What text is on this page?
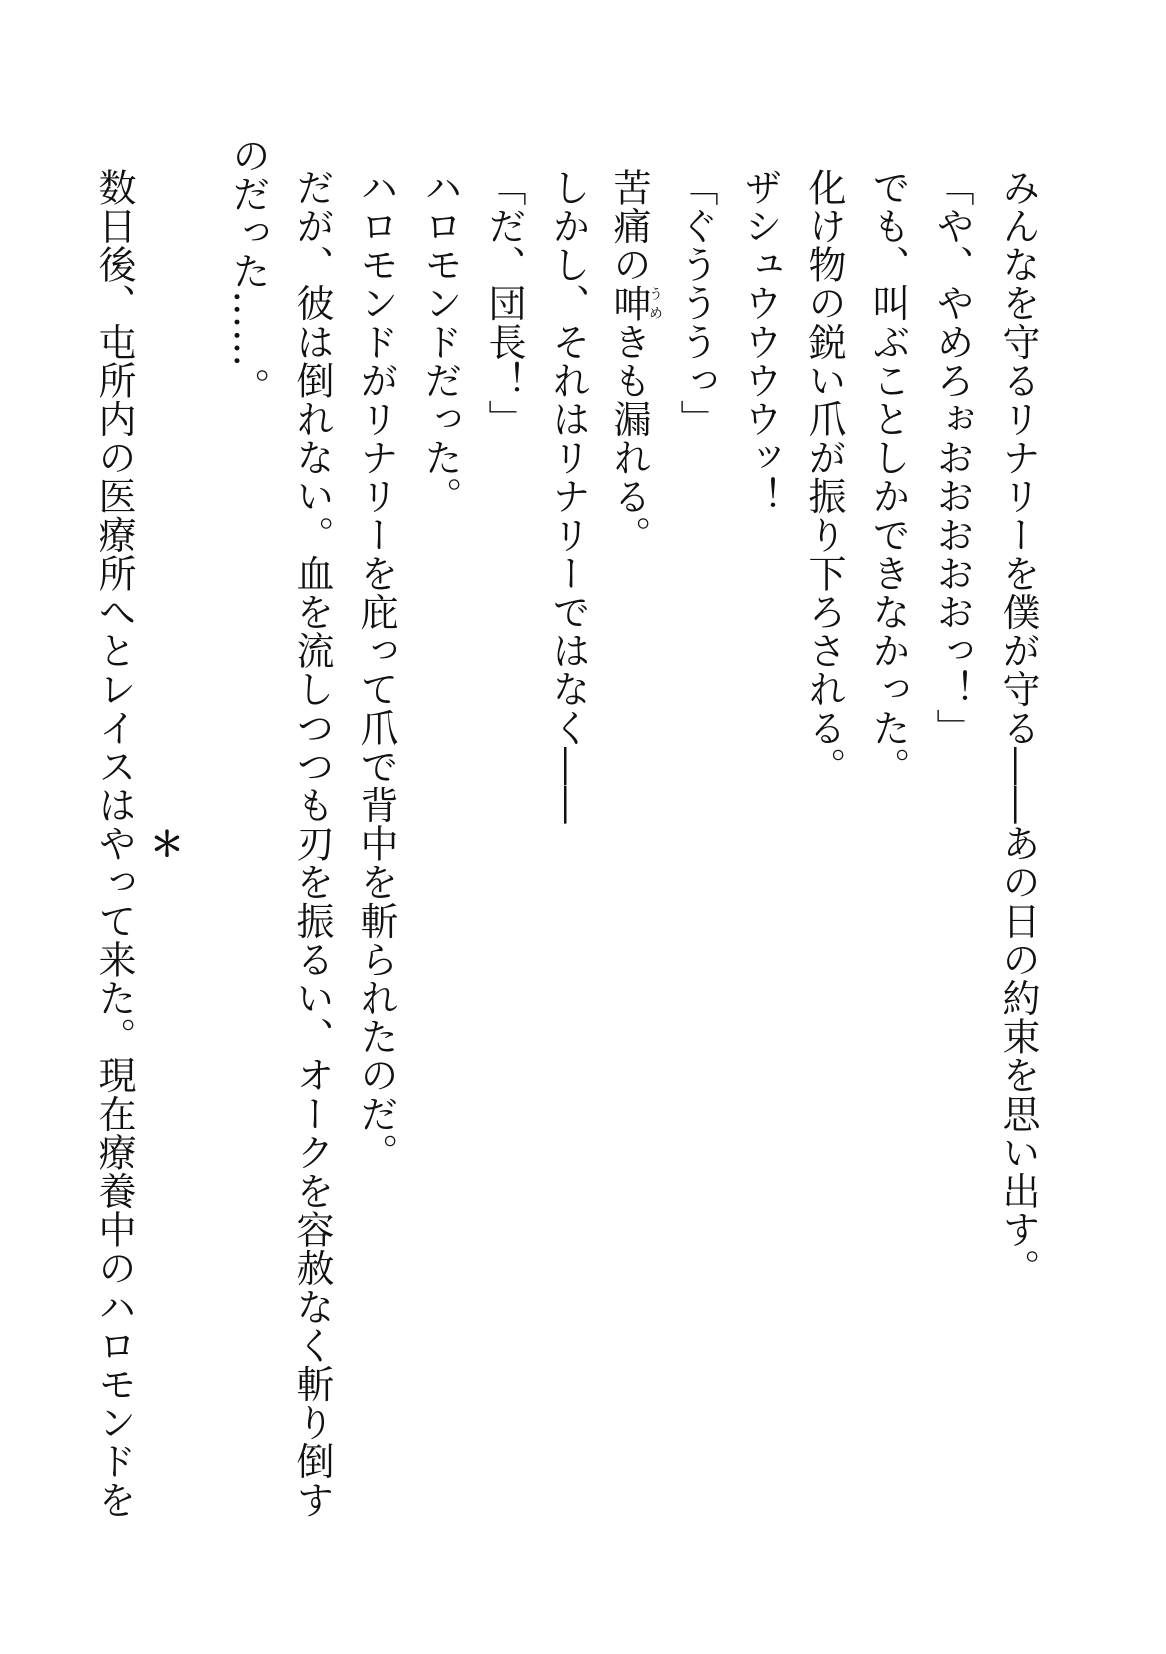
みんなを守るリナリーを僕が守る――あの日の約束を思い出す。
「や、やめろぉおおおおおっ！」
でも、叫ぶことしかできなかった。
化け物の鋭い爪が振り下ろされる。
ザシュウウウウッ！
「ぐうううっ」
苦痛の呻うめきも漏れる。
しかし、それはリナリーではなく――
「だ、団長！」
ハロモンドだった。
ハロモンドがリナリーを庇って爪で背中を斬られたのだ。
だが、彼は倒れない。血を流しつつも刃を振るい、オークを容赦なく斬り倒す
のだった……。
＊
数日後、屯所内の医療所へとレイスはやって来た。現在療養中のハロモンドを
